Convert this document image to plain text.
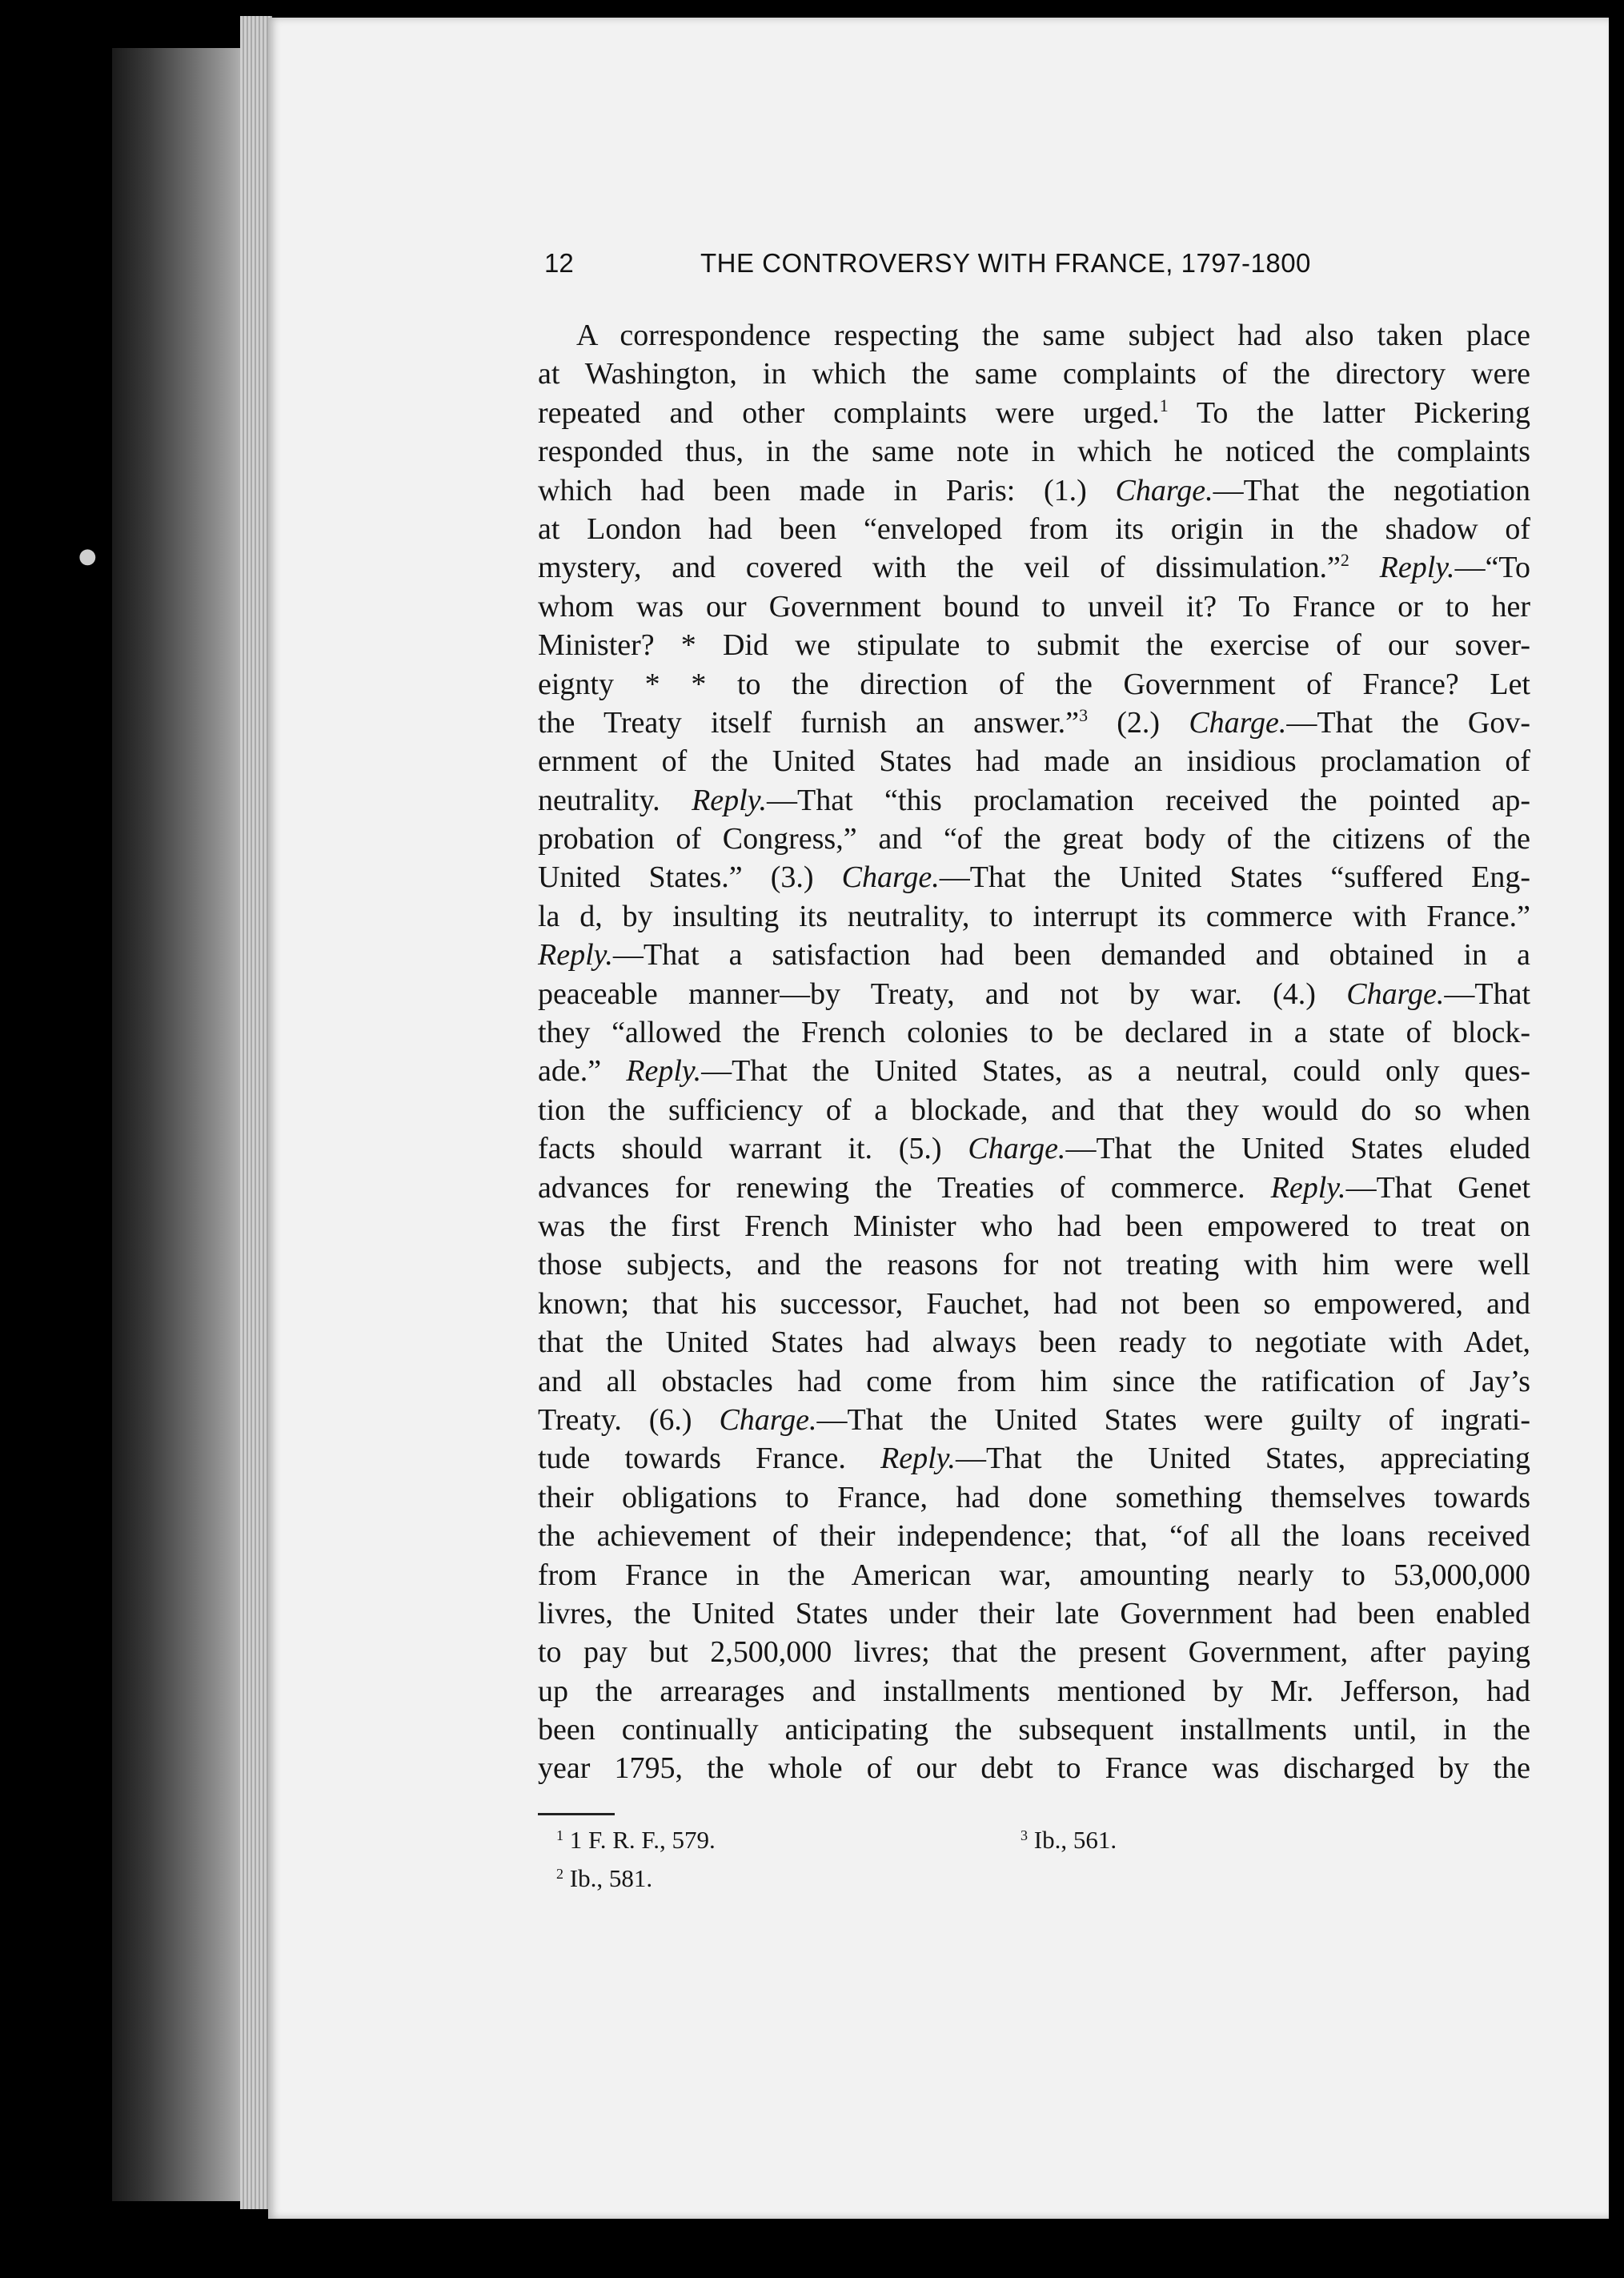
●
12	THE CONTROVERSY WITH FRANCE, 1797-1800
A correspondence respecting the same subject had also taken place
at Washington, in which the same complaints of the directory were
repeated and other complaints were urged.$^1$ To the latter Pickering
responded thus, in the same note in which he noticed the complaints
which had been made in Paris: (1.) Charge.—That the negotiation
at London had been “enveloped from its origin in the shadow of
mystery, and covered with the veil of dissimulation.”$^2$ Reply.—“To
whom was our Government bound to unveil it? To France or to her
Minister? * Did we stipulate to submit the exercise of our sover-
eignty * * to the direction of the Government of France? Let
the Treaty itself furnish an answer.”$^3$ (2.) Charge.—That the Gov-
ernment of the United States had made an insidious proclamation of
neutrality. Reply.—That “this proclamation received the pointed ap-
probation of Congress,” and “of the great body of the citizens of the
United States.” (3.) Charge.—That the United States “suffered Eng-
la d, by insulting its neutrality, to interrupt its commerce with France.”
Reply.—That a satisfaction had been demanded and obtained in a
peaceable manner—by Treaty, and not by war. (4.) Charge.—That
they “allowed the French colonies to be declared in a state of block-
ade.” Reply.—That the United States, as a neutral, could only ques-
tion the sufficiency of a blockade, and that they would do so when
facts should warrant it. (5.) Charge.—That the United States eluded
advances for renewing the Treaties of commerce. Reply.—That Genet
was the first French Minister who had been empowered to treat on
those subjects, and the reasons for not treating with him were well
known; that his successor, Fauchet, had not been so empowered, and
that the United States had always been ready to negotiate with Adet,
and all obstacles had come from him since the ratification of Jay’s
Treaty. (6.) Charge.—That the United States were guilty of ingrati-
tude towards France. Reply.—That the United States, appreciating
their obligations to France, had done something themselves towards
the achievement of their independence; that, “of all the loans received
from France in the American war, amounting nearly to 53,000,000
livres, the United States under their late Government had been enabled
to pay but 2,500,000 livres; that the present Government, after paying
up the arrearages and installments mentioned by Mr. Jefferson, had
been continually anticipating the subsequent installments until, in the
year 1795, the whole of our debt to France was discharged by the
$^1$ 1 F. R. F., 579.
$^2$ Ib., 581.
$^3$ Ib., 561.
